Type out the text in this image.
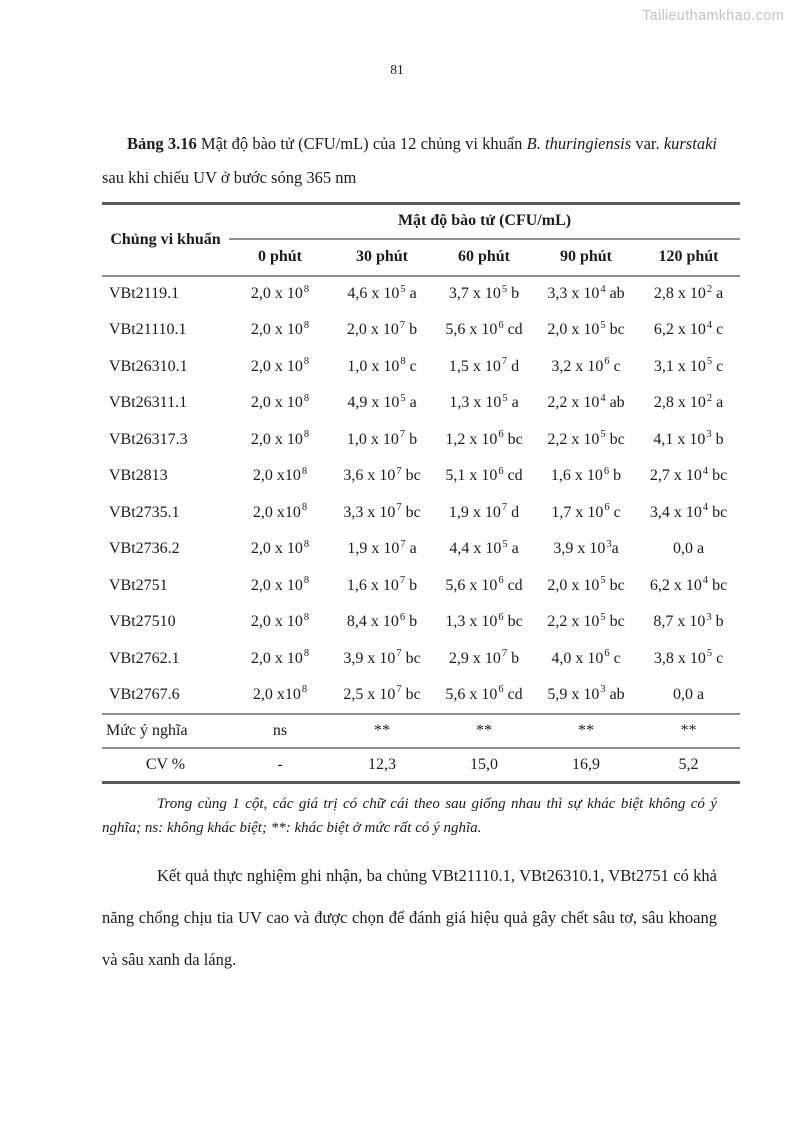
Tailieuthamkhao.com
81

Bảng 3.16 Mật độ bào tử (CFU/mL) của 12 chủng vi khuẩn B. thuringiensis var. kurstaki sau khi chiếu UV ở bước sóng 365 nm

Chủng vi khuẩn	Mật độ bào tử (CFU/mL)				
	0 phút	30 phút	60 phút	90 phút	120 phút
VBt2119.1	2,0 x $10^8$	4,6 x $10^5$ a	3,7 x $10^5$ b	3,3 x $10^4$ ab	2,8 x $10^2$ a
VBt21110.1	2,0 x $10^8$	2,0 x $10^7$ b	5,6 x $10^6$ cd	2,0 x $10^5$ bc	6,2 x $10^4$ c
VBt26310.1	2,0 x $10^8$	1,0 x $10^8$ c	1,5 x $10^7$ d	3,2 x $10^6$ c	3,1 x $10^5$ c
VBt26311.1	2,0 x $10^8$	4,9 x $10^5$ a	1,3 x $10^5$ a	2,2 x $10^4$ ab	2,8 x $10^2$ a
VBt26317.3	2,0 x $10^8$	1,0 x $10^7$ b	1,2 x $10^6$ bc	2,2 x $10^5$ bc	4,1 x $10^3$ b
VBt2813	2,0 $x10^8$	3,6 x $10^7$ bc	5,1 x $10^6$ cd	1,6 x $10^6$ b	2,7 x $10^4$ bc
VBt2735.1	2,0 $x10^8$	3,3 x $10^7$ bc	1,9 x $10^7$ d	1,7 x $10^6$ c	3,4 x $10^4$ bc
VBt2736.2	2,0 x $10^8$	1,9 x $10^7$ a	4,4 x $10^5$ a	3,9 x $10^3a$	0,0 a
VBt2751	2,0 x $10^8$	1,6 x $10^7$ b	5,6 x $10^6$ cd	2,0 x $10^5$ bc	6,2 x $10^4$ bc
VBt27510	2,0 x $10^8$	8,4 x $10^6$ b	1,3 x $10^6$ bc	2,2 x $10^5$ bc	8,7 x $10^3$ b
VBt2762.1	2,0 x $10^8$	3,9 x $10^7$ bc	2,9 x $10^7$ b	4,0 x $10^6$ c	3,8 x $10^5$ c
VBt2767.6	2,0 $x10^8$	2,5 x $10^7$ bc	5,6 x $10^6$ cd	5,9 x $10^3$ ab	0,0 a
Mức ý nghĩa	ns	**	**	**	**
CV %	-	12,3	15,0	16,9	5,2

Trong cùng 1 cột, các giá trị có chữ cái theo sau giống nhau thì sự khác biệt không có ý nghĩa; ns: không khác biệt; **: khác biệt ở mức rất có ý nghĩa.

Kết quả thực nghiệm ghi nhận, ba chủng VBt21110.1, VBt26310.1, VBt2751 có khả năng chống chịu tia UV cao và được chọn để đánh giá hiệu quả gây chết sâu tơ, sâu khoang và sâu xanh da láng.
